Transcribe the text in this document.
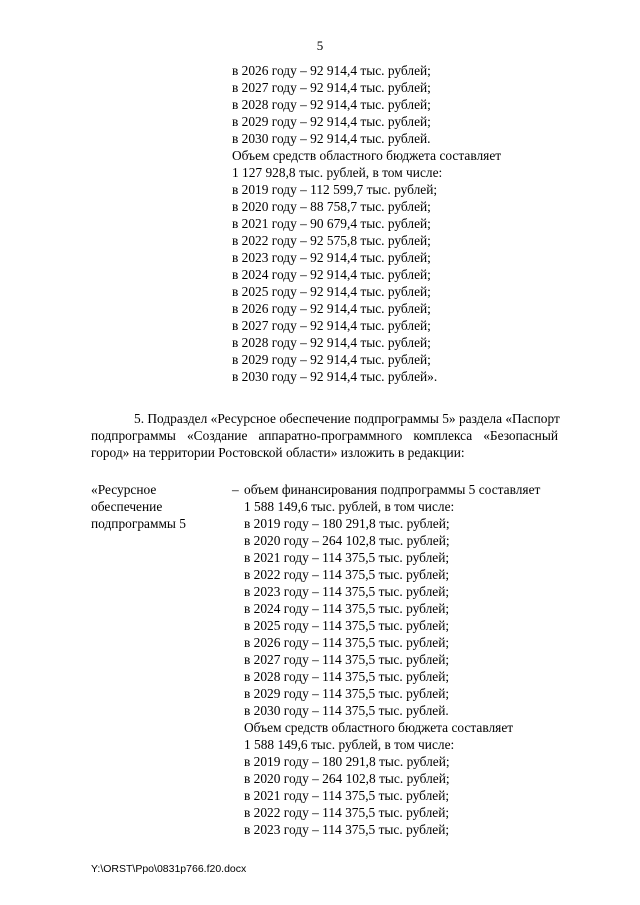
5
в 2026 году – 92 914,4 тыс. рублей;
в 2027 году – 92 914,4 тыс. рублей;
в 2028 году – 92 914,4 тыс. рублей;
в 2029 году – 92 914,4 тыс. рублей;
в 2030 году – 92 914,4 тыс. рублей.
Объем средств областного бюджета составляет
1 127 928,8 тыс. рублей, в том числе:
в 2019 году – 112 599,7 тыс. рублей;
в 2020 году – 88 758,7 тыс. рублей;
в 2021 году – 90 679,4 тыс. рублей;
в 2022 году – 92 575,8 тыс. рублей;
в 2023 году – 92 914,4 тыс. рублей;
в 2024 году – 92 914,4 тыс. рублей;
в 2025 году – 92 914,4 тыс. рублей;
в 2026 году – 92 914,4 тыс. рублей;
в 2027 году – 92 914,4 тыс. рублей;
в 2028 году – 92 914,4 тыс. рублей;
в 2029 году – 92 914,4 тыс. рублей;
в 2030 году – 92 914,4 тыс. рублей».
5. Подраздел «Ресурсное обеспечение подпрограммы 5» раздела «Паспорт
подпрограммы «Создание аппаратно-программного комплекса «Безопасный
город» на территории Ростовской области» изложить в редакции:
«Ресурсное
обеспечение
подпрограммы 5
– объем финансирования подпрограммы 5 составляет
1 588 149,6 тыс. рублей, в том числе:
в 2019 году – 180 291,8 тыс. рублей;
в 2020 году – 264 102,8 тыс. рублей;
в 2021 году – 114 375,5 тыс. рублей;
в 2022 году – 114 375,5 тыс. рублей;
в 2023 году – 114 375,5 тыс. рублей;
в 2024 году – 114 375,5 тыс. рублей;
в 2025 году – 114 375,5 тыс. рублей;
в 2026 году – 114 375,5 тыс. рублей;
в 2027 году – 114 375,5 тыс. рублей;
в 2028 году – 114 375,5 тыс. рублей;
в 2029 году – 114 375,5 тыс. рублей;
в 2030 году – 114 375,5 тыс. рублей.
Объем средств областного бюджета составляет
1 588 149,6 тыс. рублей, в том числе:
в 2019 году – 180 291,8 тыс. рублей;
в 2020 году – 264 102,8 тыс. рублей;
в 2021 году – 114 375,5 тыс. рублей;
в 2022 году – 114 375,5 тыс. рублей;
в 2023 году – 114 375,5 тыс. рублей;
Y:\ORST\Ppo\0831p766.f20.docx
